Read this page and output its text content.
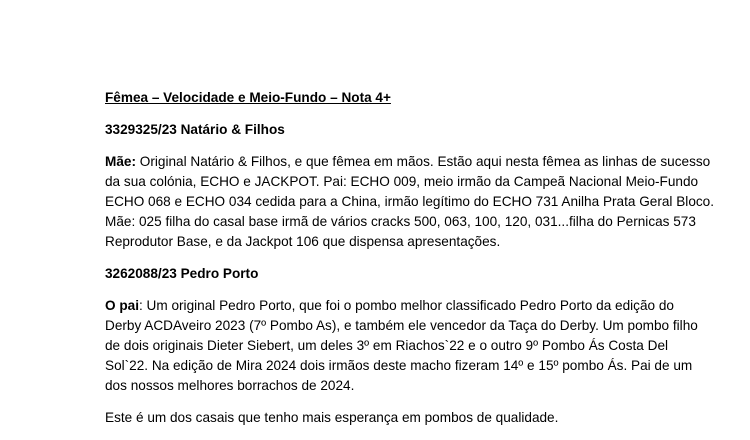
Fêmea – Velocidade e Meio-Fundo – Nota 4+

3329325/23 Natário & Filhos

Mãe: Original Natário & Filhos, e que fêmea em mãos. Estão aqui nesta fêmea as linhas de sucesso

da sua colónia, ECHO e JACKPOT. Pai: ECHO 009, meio irmão da Campeã Nacional Meio-Fundo

ECHO 068 e ECHO 034 cedida para a China, irmão legítimo do ECHO 731 Anilha Prata Geral Bloco.

Mãe: 025 filha do casal base irmã de vários cracks 500, 063, 100, 120, 031...filha do Pernicas 573

Reprodutor Base, e da Jackpot 106 que dispensa apresentações.

3262088/23 Pedro Porto

O pai: Um original Pedro Porto, que foi o pombo melhor classificado Pedro Porto da edição do

Derby ACDAveiro 2023 (7º Pombo As), e também ele vencedor da Taça do Derby. Um pombo filho

de dois originais Dieter Siebert, um deles 3º em Riachos`22 e o outro 9º Pombo Ás Costa Del

Sol`22. Na edição de Mira 2024 dois irmãos deste macho fizeram 14º e 15º pombo Ás. Pai de um

dos nossos melhores borrachos de 2024.

Este é um dos casais que tenho mais esperança em pombos de qualidade.
